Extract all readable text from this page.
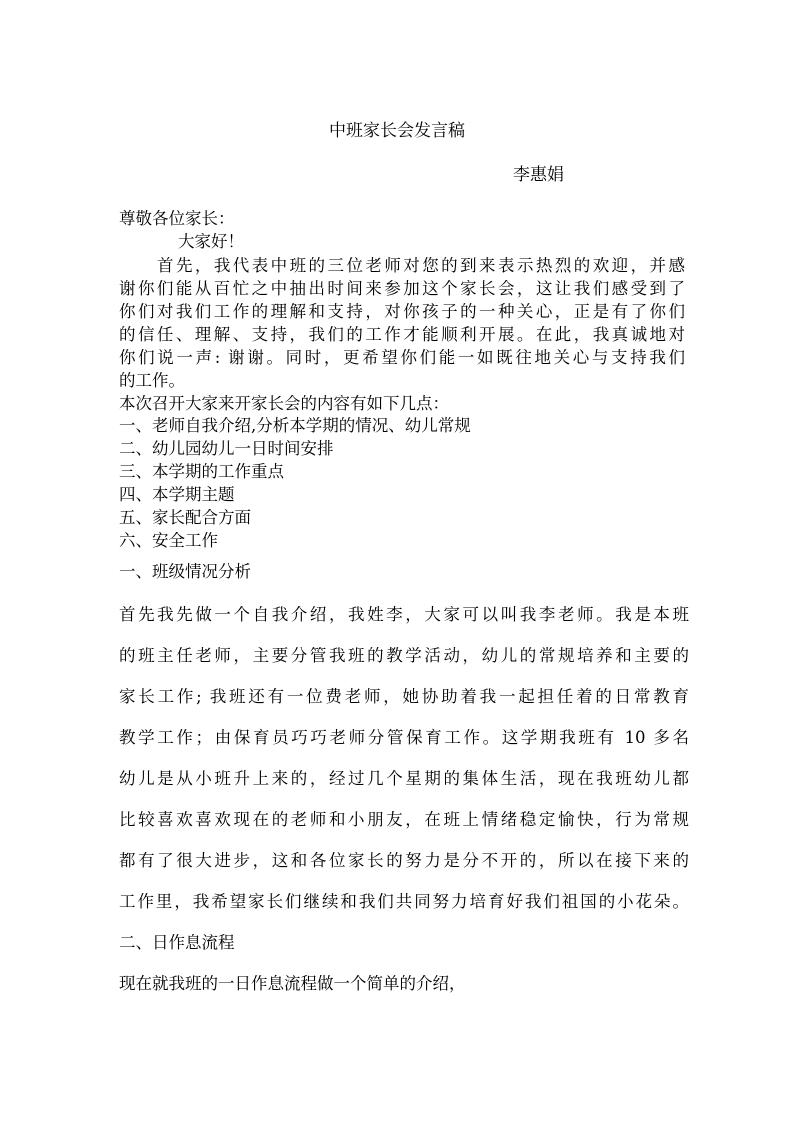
中班家长会发言稿
李惠娟
尊敬各位家长：
大家好！
首先，我代表中班的三位老师对您的到来表示热烈的欢迎，并感
谢你们能从百忙之中抽出时间来参加这个家长会，这让我们感受到了
你们对我们工作的理解和支持，对你孩子的一种关心，正是有了你们
的信任、理解、支持，我们的工作才能顺利开展。在此，我真诚地对
你们说一声: 谢谢。同时，更希望你们能一如既往地关心与支持我们
的工作。
本次召开大家来开家长会的内容有如下几点：
一、老师自我介绍,分析本学期的情况、幼儿常规
二、幼儿园幼儿一日时间安排
三、本学期的工作重点
四、本学期主题
五、家长配合方面
六、安全工作
一、班级情况分析
首先我先做一个自我介绍，我姓李，大家可以叫我李老师。我是本班
的班主任老师，主要分管我班的教学活动，幼儿的常规培养和主要的
家长工作; 我班还有一位费老师，她协助着我一起担任着的日常教育
教学工作；由保育员巧巧老师分管保育工作。这学期我班有 10 多名
幼儿是从小班升上来的，经过几个星期的集体生活，现在我班幼儿都
比较喜欢喜欢现在的老师和小朋友，在班上情绪稳定愉快，行为常规
都有了很大进步，这和各位家长的努力是分不开的，所以在接下来的
工作里，我希望家长们继续和我们共同努力培育好我们祖国的小花朵。
二、日作息流程
现在就我班的一日作息流程做一个简单的介绍，
